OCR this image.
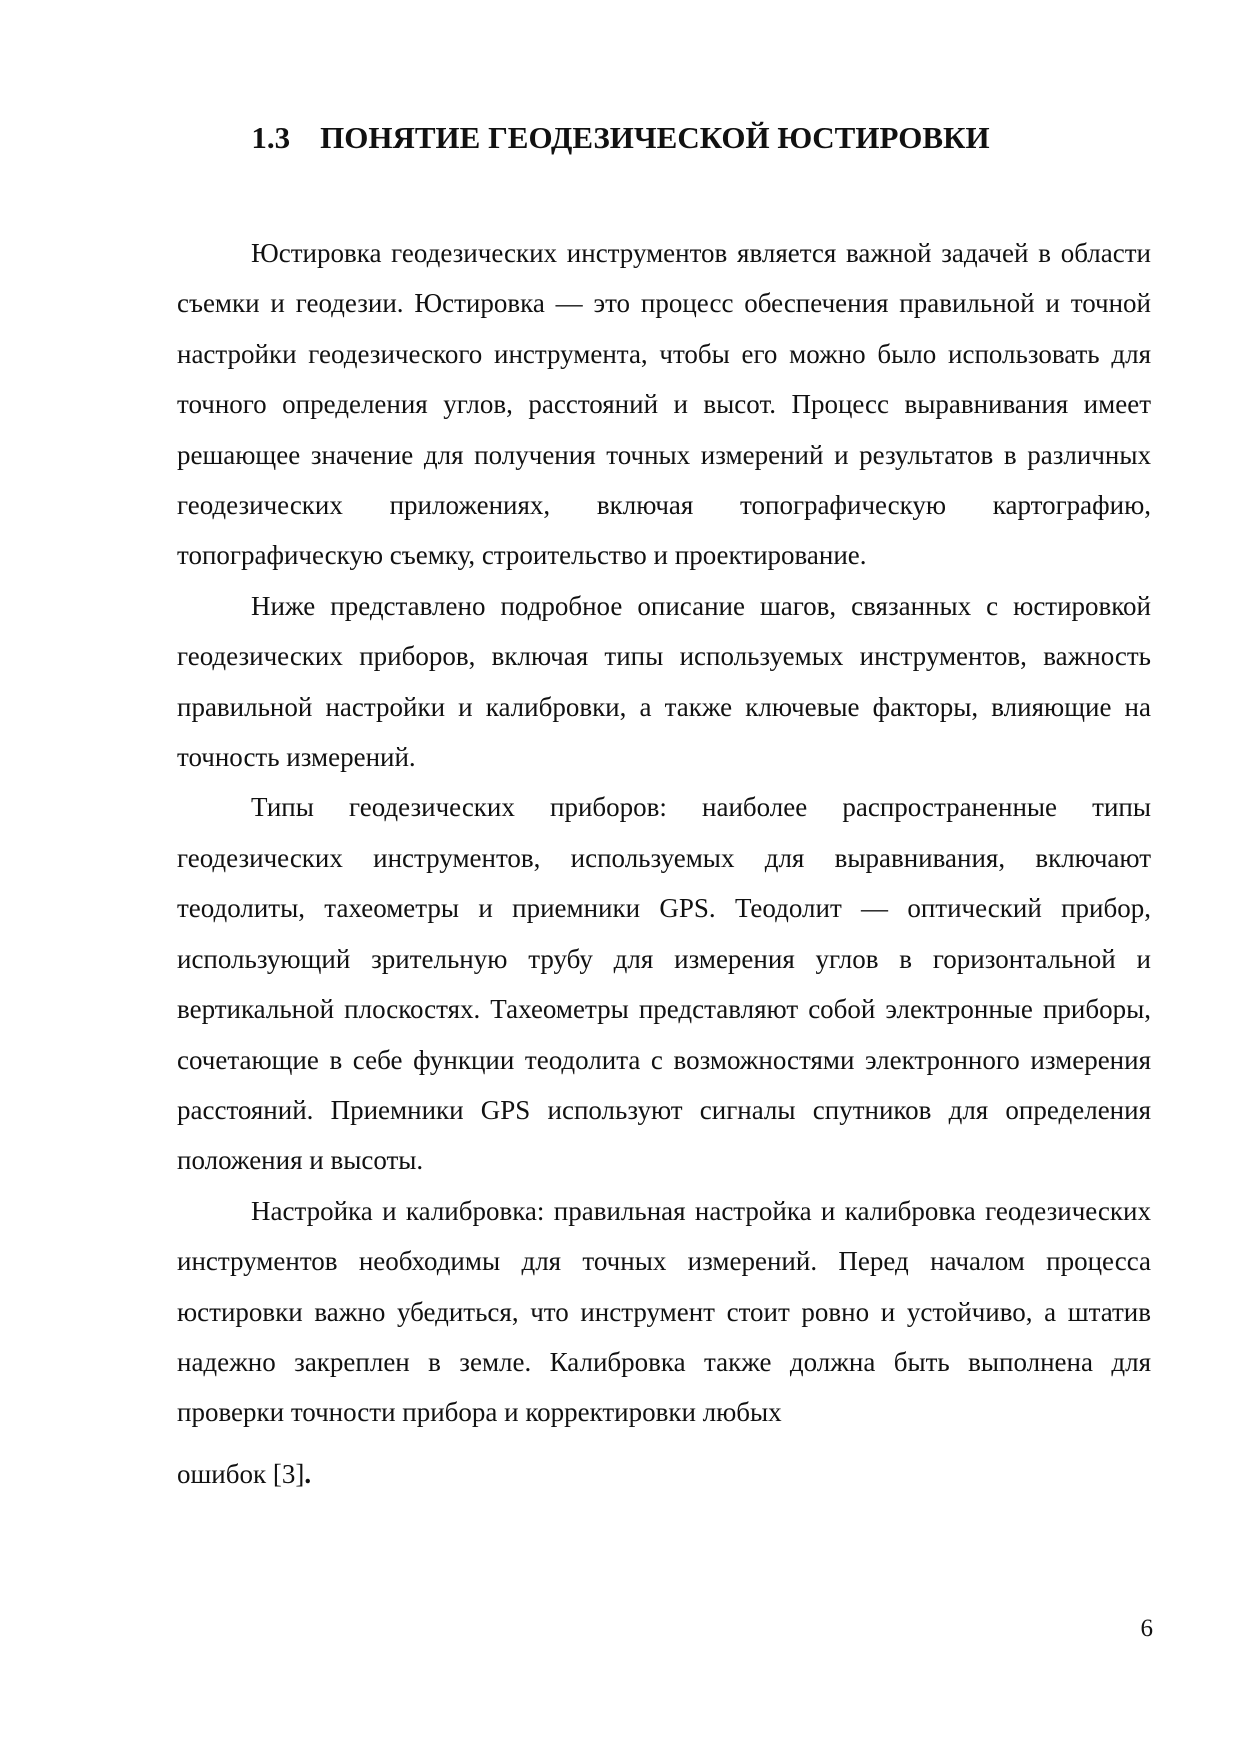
1.3 ПОНЯТИЕ ГЕОДЕЗИЧЕСКОЙ ЮСТИРОВКИ

Юстировка геодезических инструментов является важной задачей в области съемки и геодезии. Юстировка — это процесс обеспечения правильной и точной настройки геодезического инструмента, чтобы его можно было использовать для точного определения углов, расстояний и высот. Процесс выравнивания имеет решающее значение для получения точных измерений и результатов в различных геодезических приложениях, включая топографическую картографию, топографическую съемку, строительство и проектирование.

Ниже представлено подробное описание шагов, связанных с юстировкой геодезических приборов, включая типы используемых инструментов, важность правильной настройки и калибровки, а также ключевые факторы, влияющие на точность измерений.

Типы геодезических приборов: наиболее распространенные типы геодезических инструментов, используемых для выравнивания, включают теодолиты, тахеометры и приемники GPS. Теодолит — оптический прибор, использующий зрительную трубу для измерения углов в горизонтальной и вертикальной плоскостях. Тахеометры представляют собой электронные приборы, сочетающие в себе функции теодолита с возможностями электронного измерения расстояний. Приемники GPS используют сигналы спутников для определения положения и высоты.

Настройка и калибровка: правильная настройка и калибровка геодезических инструментов необходимы для точных измерений. Перед началом процесса юстировки важно убедиться, что инструмент стоит ровно и устойчиво, а штатив надежно закреплен в земле. Калибровка также должна быть выполнена для проверки точности прибора и корректировки любых

ошибок [3].

6
